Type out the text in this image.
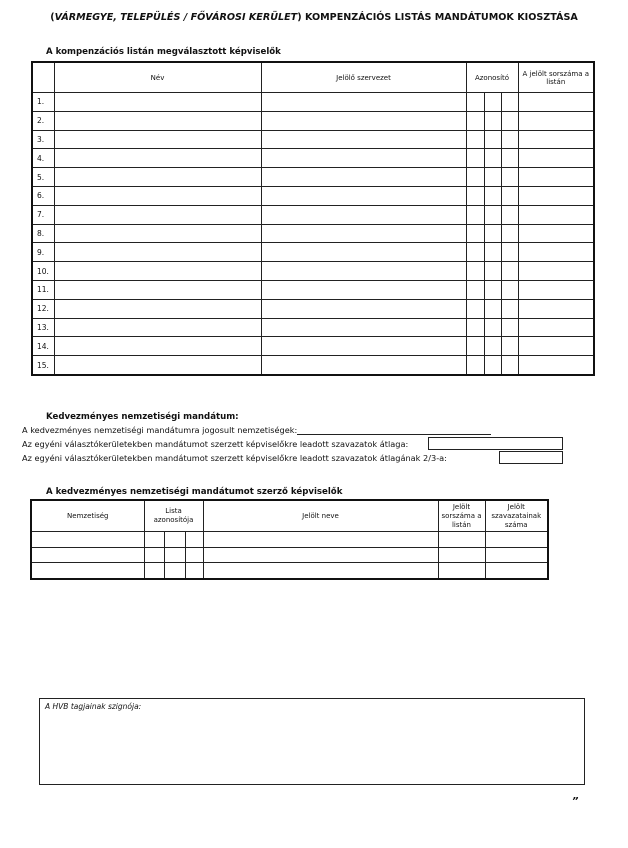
(VÁRMEGYE, TELEPÜLÉS / FŐVÁROSI KERÜLET) KOMPENZÁCIÓS LISTÁS MANDÁTUMOK KIOSZTÁSA
A kompenzációs listán megválasztott képviselők
	Név	Jelölő szervezet	Azonosító			A jelölt sorszáma a listán
1.						
2.						
3.						
4.						
5.						
6.						
7.						
8.						
9.						
10.						
11.						
12.						
13.						
14.						
15.						
Kedvezményes nemzetiségi mandátum:
A kedvezményes nemzetiségi mandátumra jogosult nemzetiségek:
Az egyéni választókerületekben mandátumot szerzett képviselőkre leadott szavazatok átlaga:
Az egyéni választókerületekben mandátumot szerzett képviselőkre leadott szavazatok átlagának 2/3-a:
A kedvezményes nemzetiségi mandátumot szerző képviselők
Nemzetiség	Lista azonosítója			Jelölt neve	Jelölt sorszáma a listán	Jelölt szavazatainak száma

A HVB tagjainak szignója:
”
